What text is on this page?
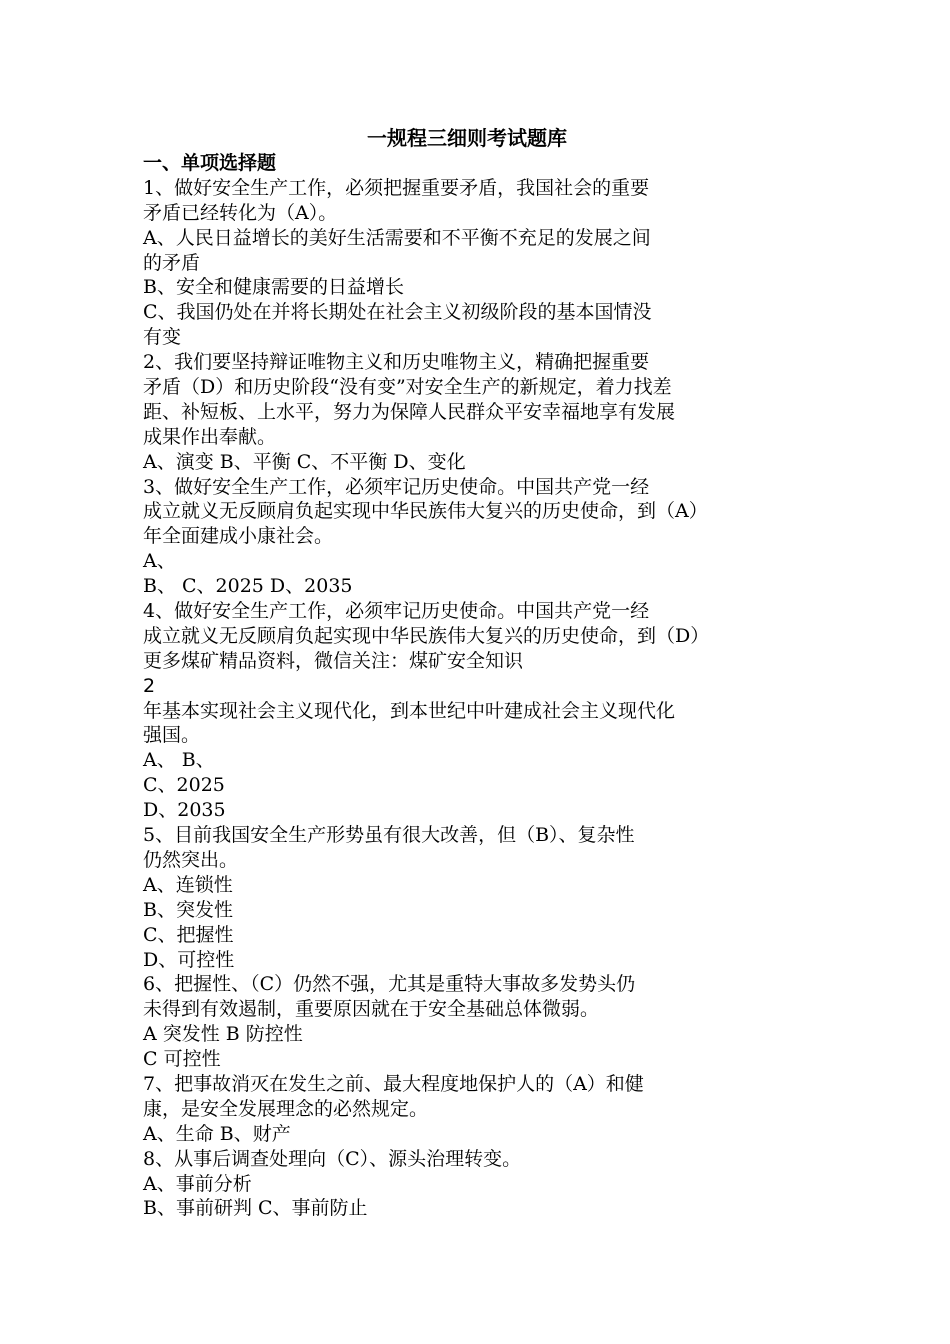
一规程三细则考试题库
一、单项选择题
1、做好安全生产工作，必须把握重要矛盾，我国社会的重要
矛盾已经转化为（A）。
A、人民日益增长的美好生活需要和不平衡不充足的发展之间
的矛盾
B、安全和健康需要的日益增长
C、我国仍处在并将长期处在社会主义初级阶段的基本国情没
有变
2、我们要坚持辩证唯物主义和历史唯物主义，精确把握重要
矛盾（D）和历史阶段“没有变”对安全生产的新规定，着力找差
距、补短板、上水平，努力为保障人民群众平安幸福地享有发展
成果作出奉献。
A、演变 B、平衡 C、不平衡 D、变化
3、做好安全生产工作，必须牢记历史使命。中国共产党一经
成立就义无反顾肩负起实现中华民族伟大复兴的历史使命，到（A）
年全面建成小康社会。
A、
B、 C、2025 D、2035
4、做好安全生产工作，必须牢记历史使命。中国共产党一经
成立就义无反顾肩负起实现中华民族伟大复兴的历史使命，到（D）
更多煤矿精品资料，微信关注：煤矿安全知识
2
年基本实现社会主义现代化，到本世纪中叶建成社会主义现代化
强国。
A、 B、
C、2025
D、2035
5、目前我国安全生产形势虽有很大改善，但（B）、复杂性
仍然突出。
A、连锁性
B、突发性
C、把握性
D、可控性
6、把握性、（C）仍然不强，尤其是重特大事故多发势头仍
未得到有效遏制，重要原因就在于安全基础总体微弱。
A 突发性 B 防控性
C 可控性
7、把事故消灭在发生之前、最大程度地保护人的（A）和健
康，是安全发展理念的必然规定。
A、生命 B、财产
8、从事后调查处理向（C）、源头治理转变。
A、事前分析
B、事前研判 C、事前防止
